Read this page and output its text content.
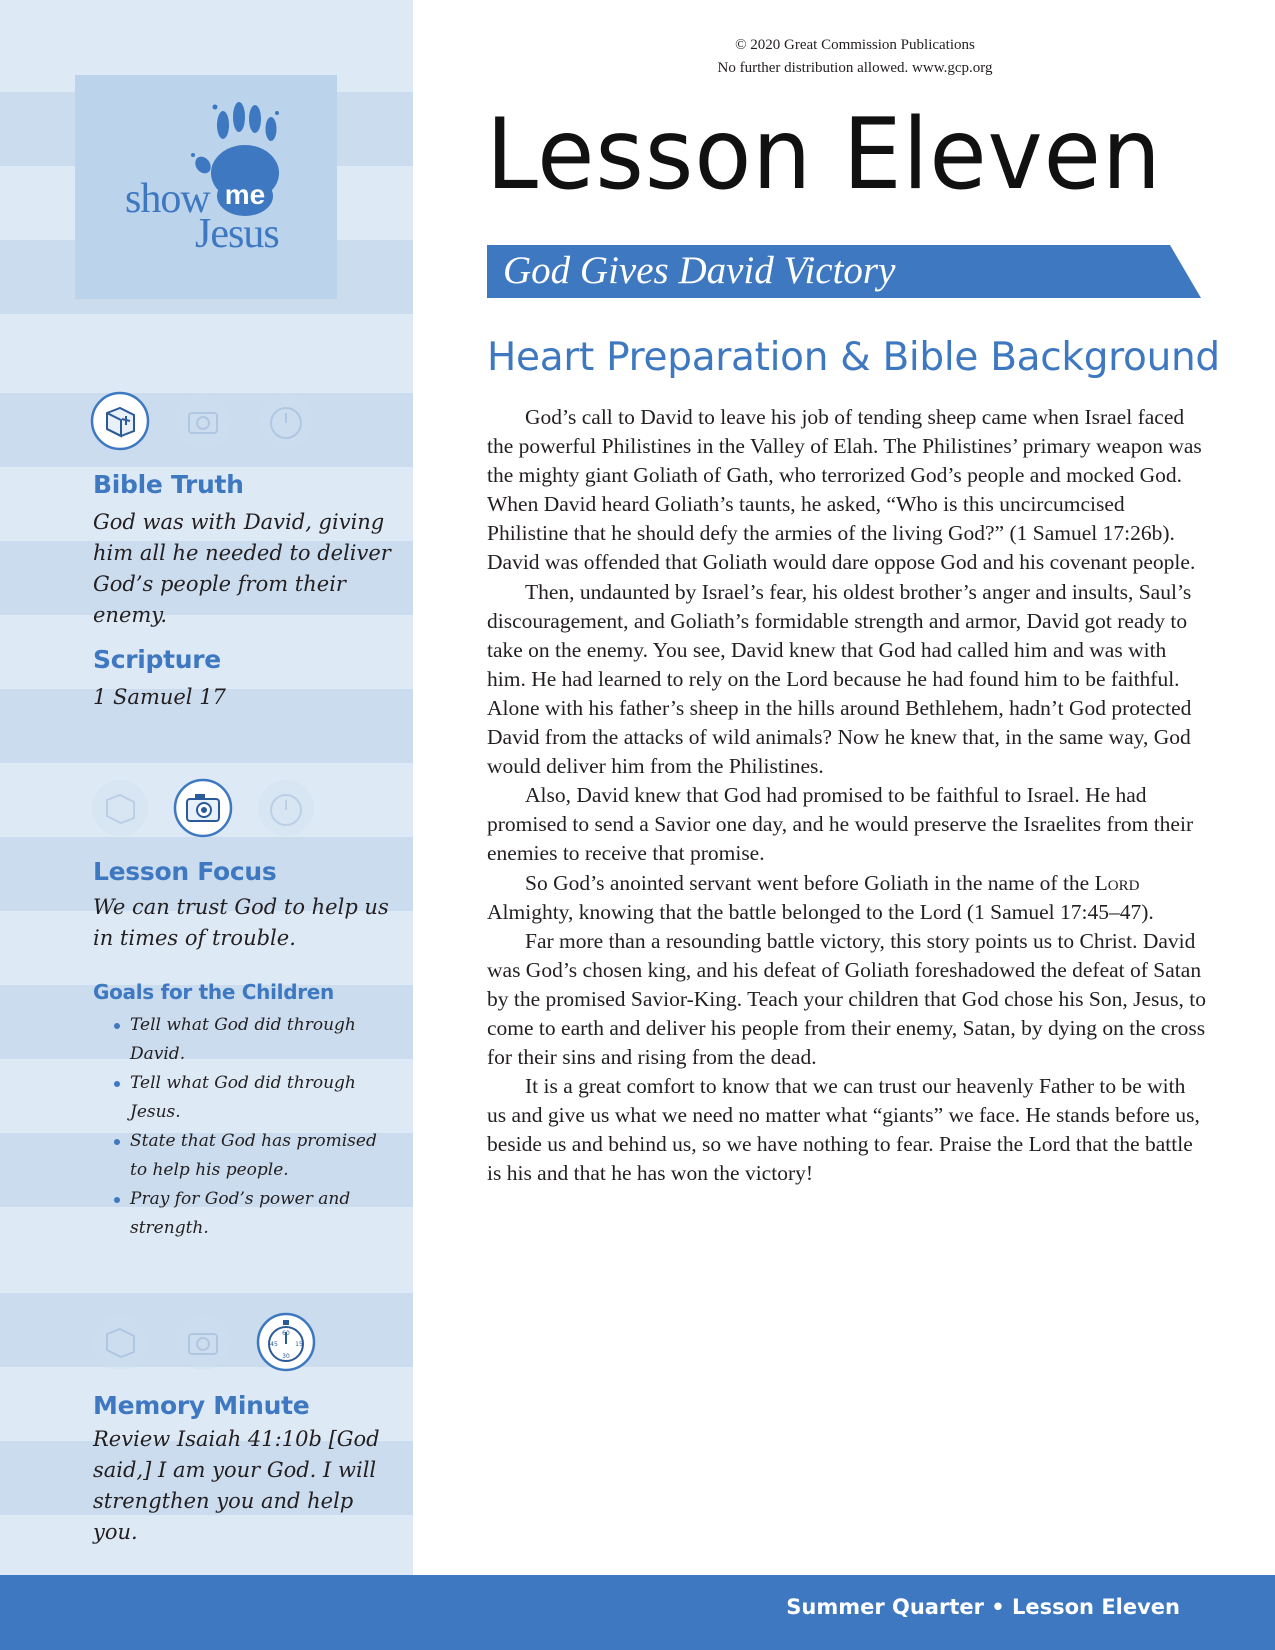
show me
Jesus
Bible Truth
God was with David, giving him all he needed to deliver God’s people from their enemy.
Scripture
1 Samuel 17
Lesson Focus
We can trust God to help us in times of trouble.
Goals for the Children
Tell what God did through David.
Tell what God did through Jesus.
State that God has promised to help his people.
Pray for God’s power and strength.
60
15
30
45
Memory Minute
Review Isaiah 41:10b [God said,] I am your God. I will strengthen you and help you.
© 2020 Great Commission Publications
No further distribution allowed. www.gcp.org
Lesson Eleven
God Gives David Victory
Heart Preparation & Bible Background

God’s call to David to leave his job of tending sheep came when Israel faced the powerful Philistines in the Valley of Elah. The Philistines’ primary weapon was the mighty giant Goliath of Gath, who terrorized God’s people and mocked God. When David heard Goliath’s taunts, he asked, “Who is this uncircumcised Philistine that he should defy the armies of the living God?” (1 Samuel 17:26b). David was offended that Goliath would dare oppose God and his covenant people.

Then, undaunted by Israel’s fear, his oldest brother’s anger and insults, Saul’s discouragement, and Goliath’s formidable strength and armor, David got ready to take on the enemy. You see, David knew that God had called him and was with him. He had learned to rely on the Lord because he had found him to be faithful. Alone with his father’s sheep in the hills around Bethlehem, hadn’t God protected David from the attacks of wild animals? Now he knew that, in the same way, God would deliver him from the Philistines.

Also, David knew that God had promised to be faithful to Israel. He had promised to send a Savior one day, and he would preserve the Israelites from their enemies to receive that promise.

So God’s anointed servant went before Goliath in the name of the Lord Almighty, knowing that the battle belonged to the Lord (1 Samuel 17:45–47).

Far more than a resounding battle victory, this story points us to Christ. David was God’s chosen king, and his defeat of Goliath foreshadowed the defeat of Satan by the promised Savior-King. Teach your children that God chose his Son, Jesus, to come to earth and deliver his people from their enemy, Satan, by dying on the cross for their sins and rising from the dead.

It is a great comfort to know that we can trust our heavenly Father to be with us and give us what we need no matter what “giants” we face. He stands before us, beside us and behind us, so we have nothing to fear. Praise the Lord that the battle is his and that he has won the victory!

Summer Quarter • Lesson Eleven
